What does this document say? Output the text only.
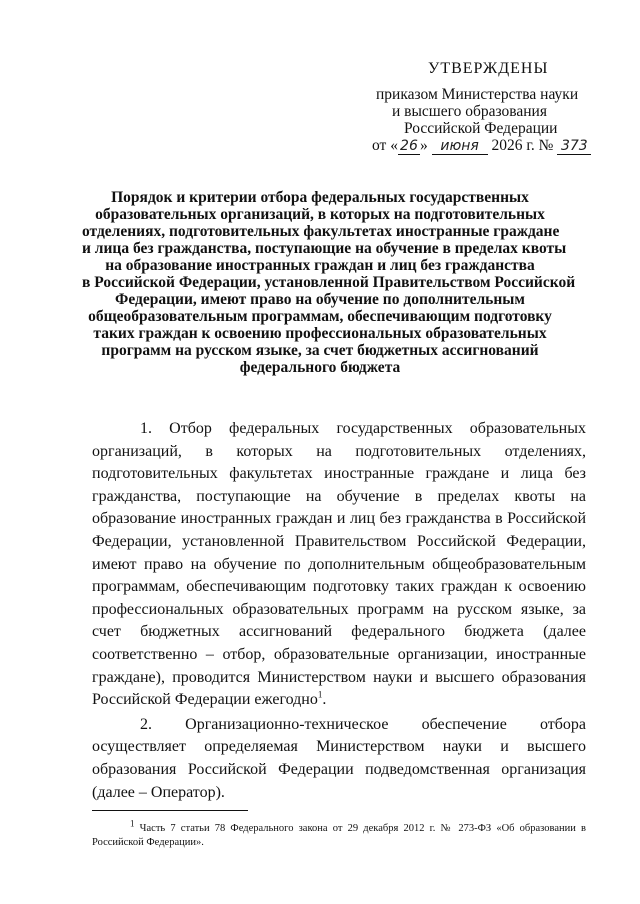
УТВЕРЖДЕНЫ
приказом Министерства науки
и высшего образования
Российской Федерации
от « 26 » июня 2026 г. № 373
Порядок и критерии отбора федеральных государственных
образовательных организаций, в которых на подготовительных
отделениях, подготовительных факультетах иностранные граждане
и лица без гражданства, поступающие на обучение в пределах квоты
на образование иностранных граждан и лиц без гражданства
в Российской Федерации, установленной Правительством Российской
Федерации, имеют право на обучение по дополнительным
общеобразовательным программам, обеспечивающим подготовку
таких граждан к освоению профессиональных образовательных
программ на русском языке, за счет бюджетных ассигнований
федерального бюджета

1. Отбор федеральных государственных образовательных организаций, в которых на подготовительных отделениях, подготовительных факультетах иностранные граждане и лица без гражданства, поступающие на обучение в пределах квоты на образование иностранных граждан и лиц без гражданства в Российской Федерации, установленной Правительством Российской Федерации, имеют право на обучение по дополнительным общеобразовательным программам, обеспечивающим подготовку таких граждан к освоению профессиональных образовательных программ на русском языке, за счет бюджетных ассигнований федерального бюджета (далее соответственно – отбор, образовательные организации, иностранные граждане), проводится Министерством науки и высшего образования Российской Федерации ежегодно$^1$.

2. Организационно-техническое обеспечение отбора осуществляет определяемая Министерством науки и высшего образования Российской Федерации подведомственная организация (далее – Оператор).

$^1$ Часть 7 статьи 78 Федерального закона от 29 декабря 2012 г. № 273-ФЗ «Об образовании в Российской Федерации».
